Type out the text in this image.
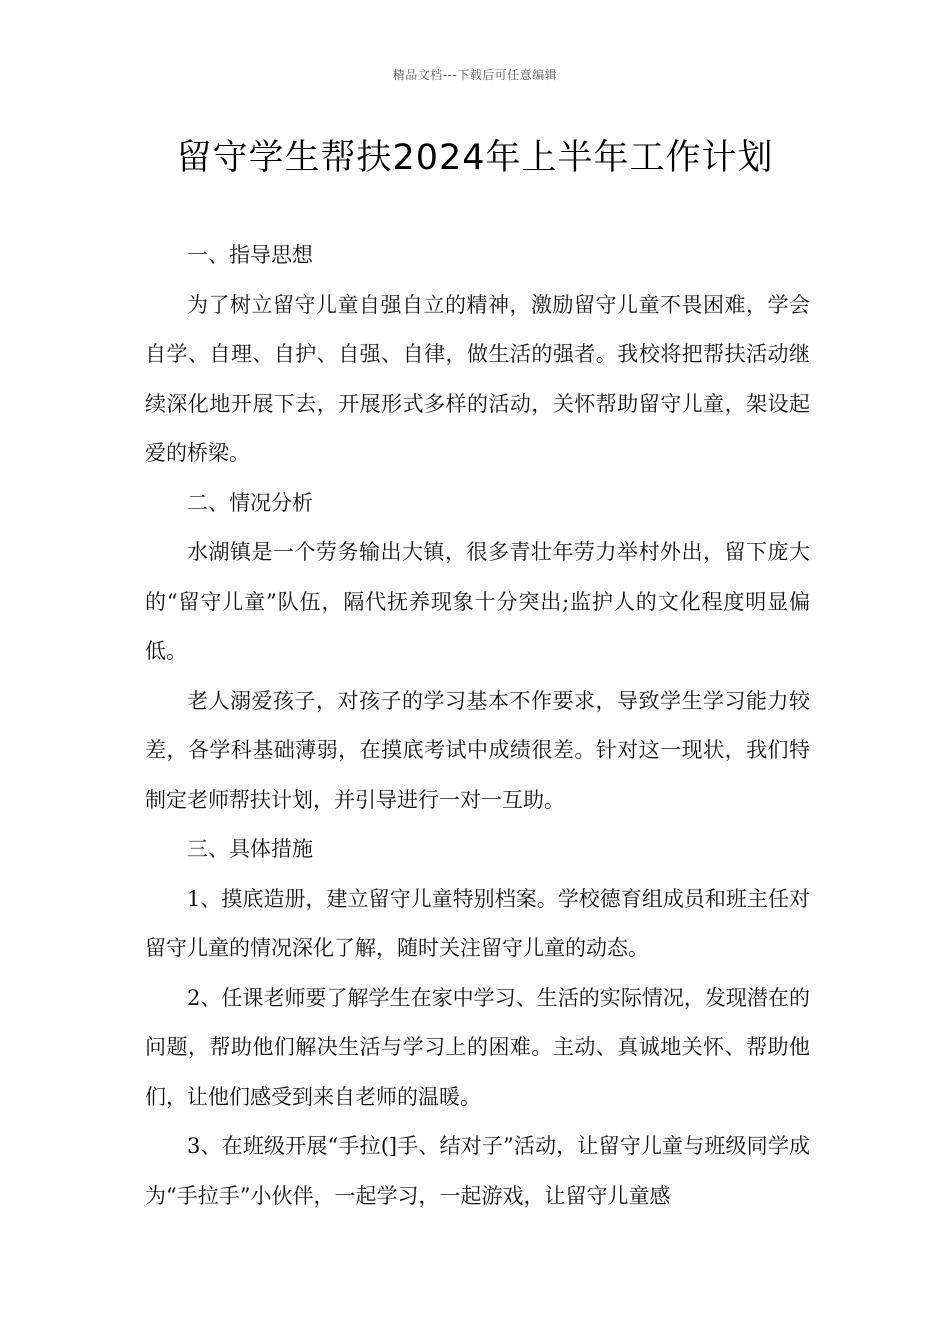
精品文档---下载后可任意编辑
留守学生帮扶2024年上半年工作计划

一、指导思想

为了树立留守儿童自强自立的精神，激励留守儿童不畏困难，学会自学、自理、自护、自强、自律，做生活的强者。我校将把帮扶活动继续深化地开展下去，开展形式多样的活动，关怀帮助留守儿童，架设起爱的桥梁。

二、情况分析

水湖镇是一个劳务输出大镇，很多青壮年劳力举村外出，留下庞大的“留守儿童”队伍，隔代抚养现象十分突出;监护人的文化程度明显偏低。

老人溺爱孩子，对孩子的学习基本不作要求，导致学生学习能力较差，各学科基础薄弱，在摸底考试中成绩很差。针对这一现状，我们特制定老师帮扶计划，并引导进行一对一互助。

三、具体措施

1、摸底造册，建立留守儿童特别档案。学校德育组成员和班主任对留守儿童的情况深化了解，随时关注留守儿童的动态。

2、任课老师要了解学生在家中学习、生活的实际情况，发现潜在的问题，帮助他们解决生活与学习上的困难。主动、真诚地关怀、帮助他们，让他们感受到来自老师的温暖。

3、在班级开展“手拉(]手、结对子”活动，让留守儿童与班级同学成为“手拉手”小伙伴，一起学习，一起游戏，让留守儿童感
